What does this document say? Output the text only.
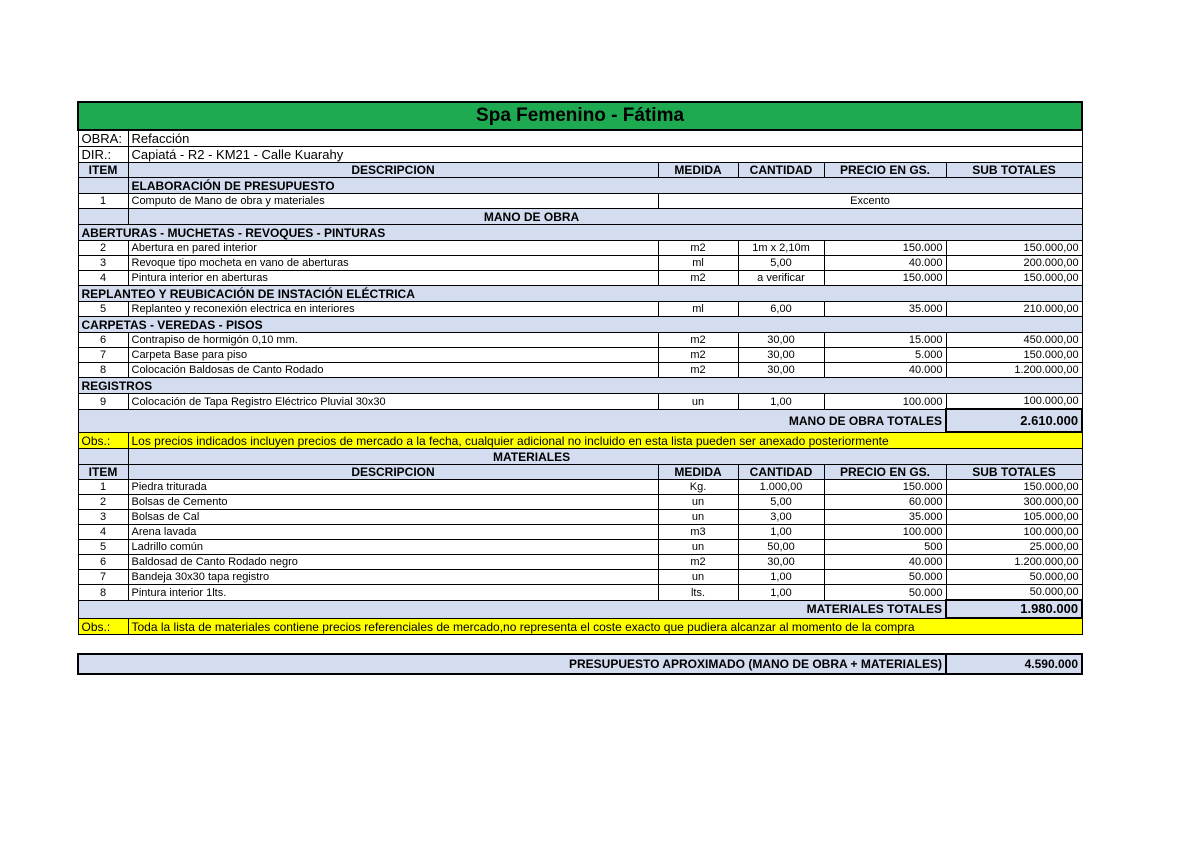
Spa Femenino - Fátima					
OBRA:	Refacción				
DIR.:	Capiatá - R2 - KM21 - Calle Kuarahy				
ITEM	DESCRIPCION	MEDIDA	CANTIDAD	PRECIO EN GS.	SUB TOTALES
	ELABORACIÓN DE PRESUPUESTO				
1	Computo de Mano de obra y materiales	Excento			
	MANO DE OBRA				
ABERTURAS - MUCHETAS - REVOQUES - PINTURAS					
2	Abertura en pared interior	m2	1m x 2,10m	150.000	150.000,00
3	Revoque tipo mocheta en vano de aberturas	ml	5,00	40.000	200.000,00
4	Pintura interior en aberturas	m2	a verificar	150.000	150.000,00
REPLANTEO Y REUBICACIÓN DE INSTACIÓN ELÉCTRICA					
5	Replanteo y reconexión electrica en interiores	ml	6,00	35.000	210.000,00
CARPETAS - VEREDAS - PISOS					
6	Contrapiso de hormigón 0,10 mm.	m2	30,00	15.000	450.000,00
7	Carpeta Base para piso	m2	30,00	5.000	150.000,00
8	Colocación Baldosas de Canto Rodado	m2	30,00	40.000	1.200.000,00
REGISTROS					
9	Colocación de Tapa Registro Eléctrico Pluvial 30x30	un	1,00	100.000	100.000,00
MANO DE OBRA TOTALES					2.610.000
Obs.:	Los precios indicados incluyen precios de mercado a la fecha, cualquier adicional no incluido en esta lista pueden ser anexado posteriormente				
	MATERIALES				
ITEM	DESCRIPCION	MEDIDA	CANTIDAD	PRECIO EN GS.	SUB TOTALES
1	Piedra triturada	Kg.	1.000,00	150.000	150.000,00
2	Bolsas de Cemento	un	5,00	60.000	300.000,00
3	Bolsas de Cal	un	3,00	35.000	105.000,00
4	Arena lavada	m3	1,00	100.000	100.000,00
5	Ladrillo común	un	50,00	500	25.000,00
6	Baldosad de Canto Rodado negro	m2	30,00	40.000	1.200.000,00
7	Bandeja 30x30 tapa registro	un	1,00	50.000	50.000,00
8	Pintura interior 1lts.	lts.	1,00	50.000	50.000,00
MATERIALES TOTALES					1.980.000
Obs.:	Toda la lista de materiales contiene precios referenciales de mercado,no representa el coste exacto que pudiera alcanzar al momento de la compra				
PRESUPUESTO APROXIMADO (MANO DE OBRA + MATERIALES)	4.590.000
